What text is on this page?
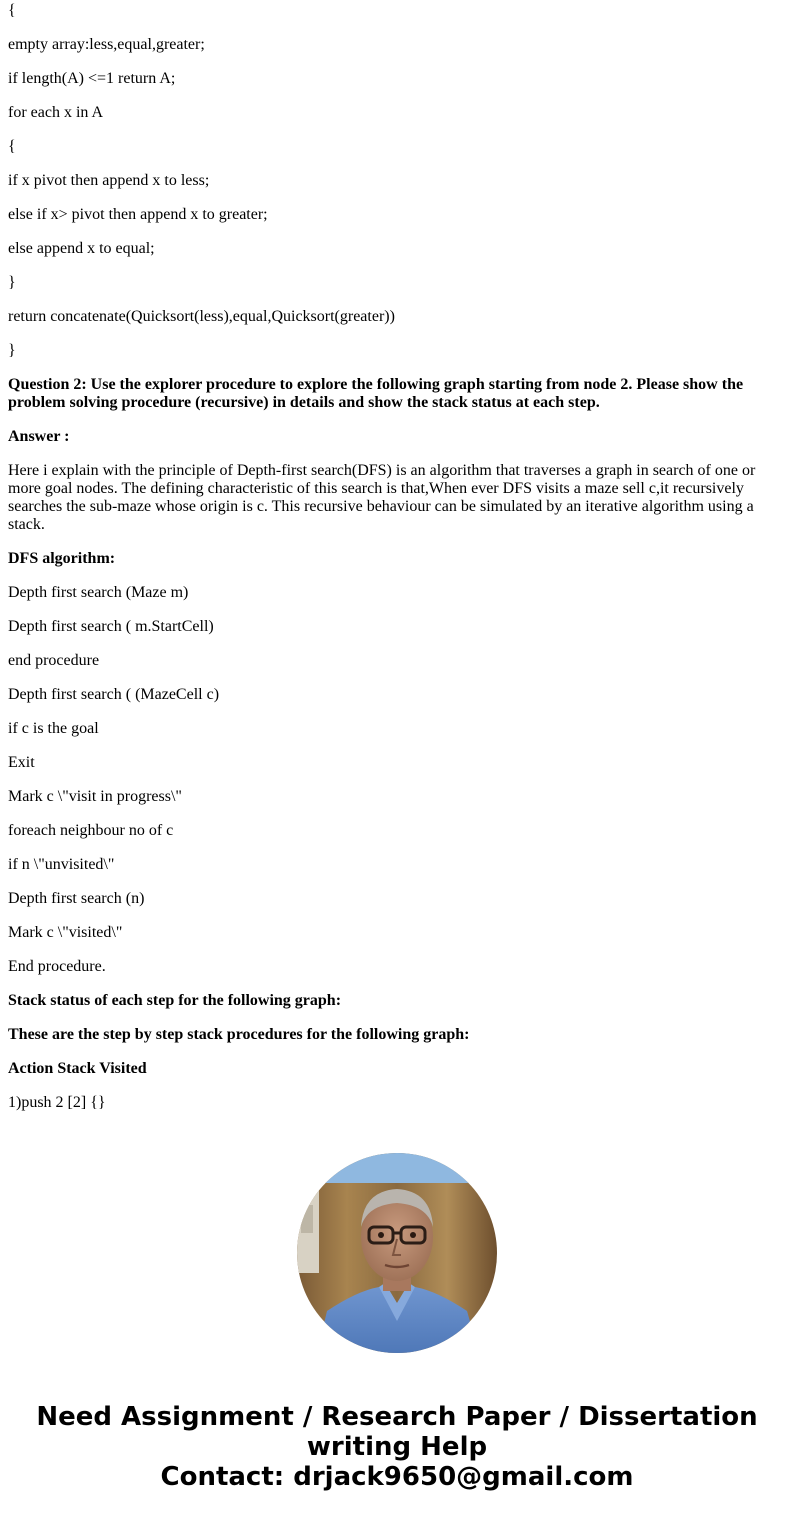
{

empty array:less,equal,greater;

if length(A) <=1 return A;

for each x in A

{

if x pivot then append x to less;

else if x> pivot then append x to greater;

else append x to equal;

}

return concatenate(Quicksort(less),equal,Quicksort(greater))

}

Question 2: Use the explorer procedure to explore the following graph starting from node 2. Please show the problem solving procedure (recursive) in details and show the stack status at each step.

Answer :

Here i explain with the principle of Depth-first search(DFS) is an algorithm that traverses a graph in search of one or more goal nodes. The defining characteristic of this search is that,When ever DFS visits a maze sell c,it recursively searches the sub-maze whose origin is c. This recursive behaviour can be simulated by an iterative algorithm using a stack.

DFS algorithm:

Depth first search (Maze m)

Depth first search ( m.StartCell)

end procedure

Depth first search ( (MazeCell c)

if c is the goal

Exit

Mark c \"visit in progress\"

foreach neighbour no of c

if n \"unvisited\"

Depth first search (n)

Mark c \"visited\"

End procedure.

Stack status of each step for the following graph:

These are the step by step stack procedures for the following graph:

Action Stack Visited

1)push 2 [2] {}

Need Assignment / Research Paper / Dissertation
writing Help
Contact: drjack9650@gmail.com
